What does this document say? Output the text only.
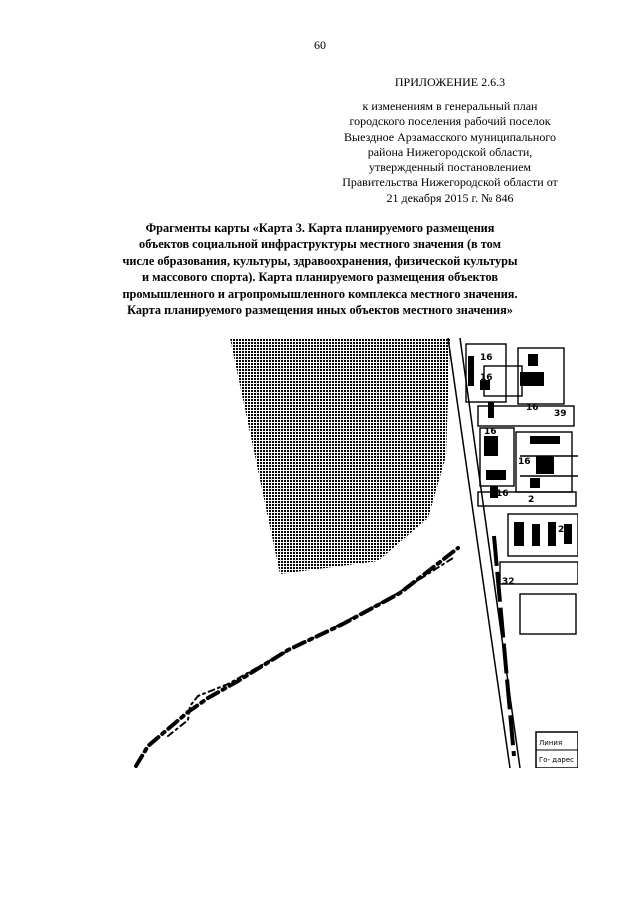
60
ПРИЛОЖЕНИЕ 2.6.3
к изменениям в генеральный план
городского поселения рабочий поселок
Выездное Арзамасского муниципального
района Нижегородской области,
утвержденный постановлением
Правительства Нижегородской области от
21 декабря 2015 г. № 846
Фрагменты карты «Карта 3. Карта планируемого размещения
объектов социальной инфраструктуры местного значения (в том
числе образования, культуры, здравоохранения, физической культуры
и массового спорта). Карта планируемого размещения объектов
промышленного и агропромышленного комплекса местного значения.
Карта планируемого размещения иных объектов местного значения»
16
16
16
39
16
16
16
29
32
2
Линия
Го- дарес
